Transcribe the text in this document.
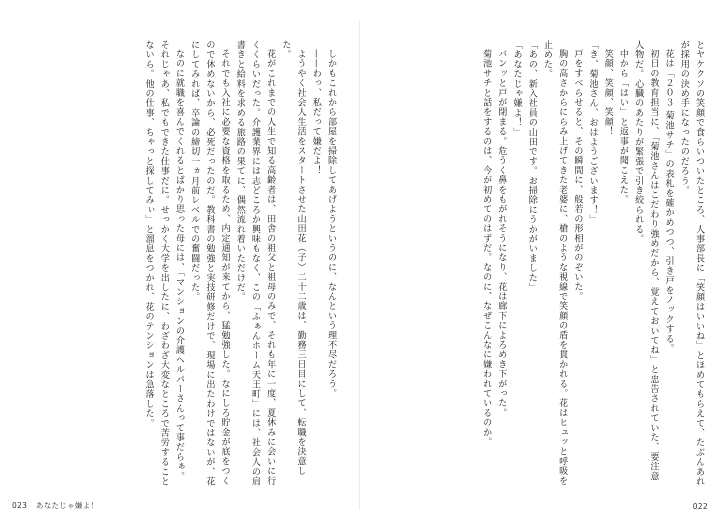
しかもこれから部屋を掃除してあげようというのに、なんという理不尽だろう。

——わっ、私だって嫌だよ！

ようやく社会人生活をスタートさせた山田花（子）二十二歳は、勤務三日目にして、転職を決意した。

花がこれまでの人生で知る高齢者は、田舎の祖父と祖母のみで、それも年に一度、夏休みに会いに行くくらいだった。介護業界には志どころか興味もなく、この「ふぁんホーム天王町」には、社会人の肩書きと給料を求める旅路の果てに、偶然流れ着いただけだ。

それでも入社に必要な資格を取るため、内定通知が来てから、猛勉強した。なにしろ貯金が底をつくので休めないから、必死だったのだ。教科書の勉強と実技研修だけで、現場に出たわけではないが、花にしてみれば、卒論の締切一ヵ月前レベルでの奮闘だった。

なのに就職を喜んでくれるとばかり思った母には、「マンションの介護ヘルパーさんって事だらぁ。それじゃあ、私でもできた仕事だに。せっかく大学を出したに、わざわざ大変なところで苦労することないら。他の仕事、ちゃっと探してみぃ」と溜息をつかれ、花のテンションは急落した。

023 あなたじゃ嫌よ！

とヤケクソの笑顔で食らいついたところ、人事部長に「笑顔はいいね」とほめてもらえて、たぶんあれが採用の決め手になったのだろう。

花は「２０３ 菊池サチ」の表札を確かめつつ、引き戸をノックする。

初日の教育担当に、「菊池さんはこだわり強めだから、覚えておいてね」と忠告されていた、要注意人物だ。心臓のあたりが緊張で引き絞られる。

中から「はい」と返事が聞こえた。

笑顔、笑顔、笑顔！

「き、菊池さん、おはようございます！」

戸をすべらせると、その瞬間に、般若の形相がのぞいた。

胸の高さからにらみ上げてきた老婆に、槍のような視線で笑顔の盾を貫かれる。花はヒュッと呼吸を止めた。

「あの、新入社員の山田です。お掃除にうかがいました」

「あなたじゃ嫌よ！」

バンッと戸が閉まる。危うく鼻をもがれそうになり、花は廊下によろめき下がった。

菊池サチと話をするのは、今が初めてのはずだ。なのに、なぜこんなに嫌われているのか。

022
